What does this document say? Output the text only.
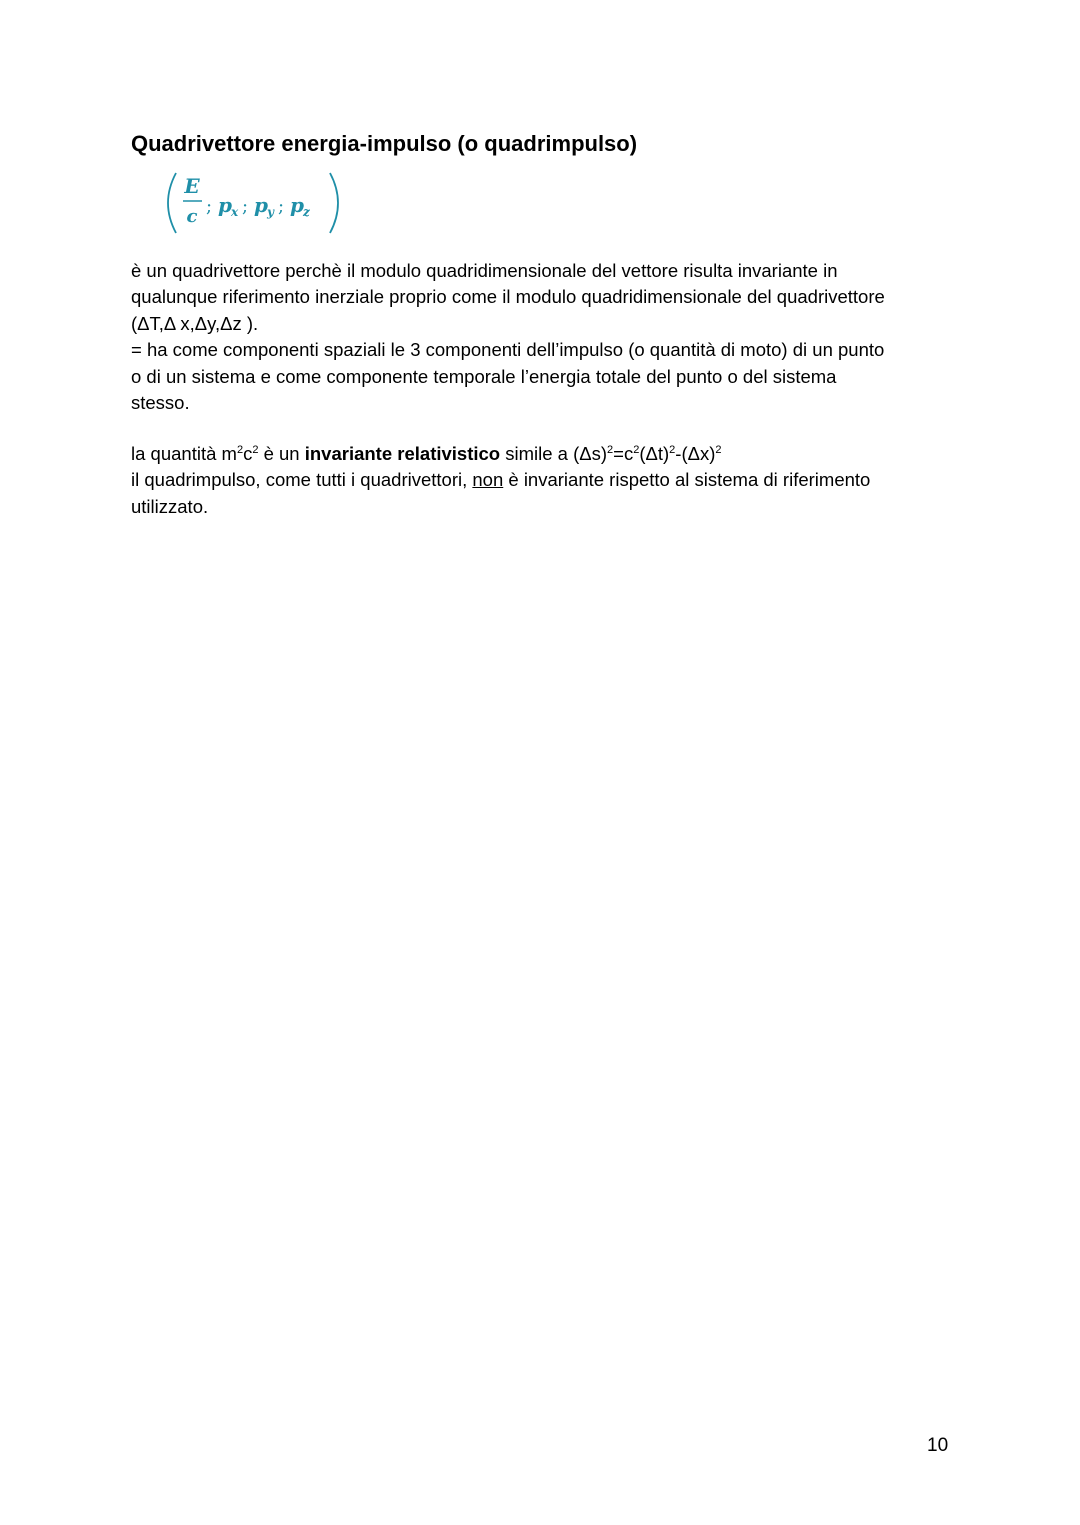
Quadrivettore energia-impulso (o quadrimpulso)
E
c ; p x ; p y ; p z

è un quadrivettore perchè il modulo quadridimensionale del vettore risulta invariante in
qualunque riferimento inerziale proprio come il modulo quadridimensionale del quadrivettore
(ΔT,Δ x,Δy,Δz ).
= ha come componenti spaziali le 3 componenti dell’impulso (o quantità di moto) di un punto
o di un sistema e come componente temporale l’energia totale del punto o del sistema
stesso.

la quantità $m^2c^2$ è un invariante relativistico simile a $(\Delta s)^2=c^2(\Delta t)^2-(\Delta x)^2$
il quadrimpulso, come tutti i quadrivettori, non è invariante rispetto al sistema di riferimento
utilizzato.

10
